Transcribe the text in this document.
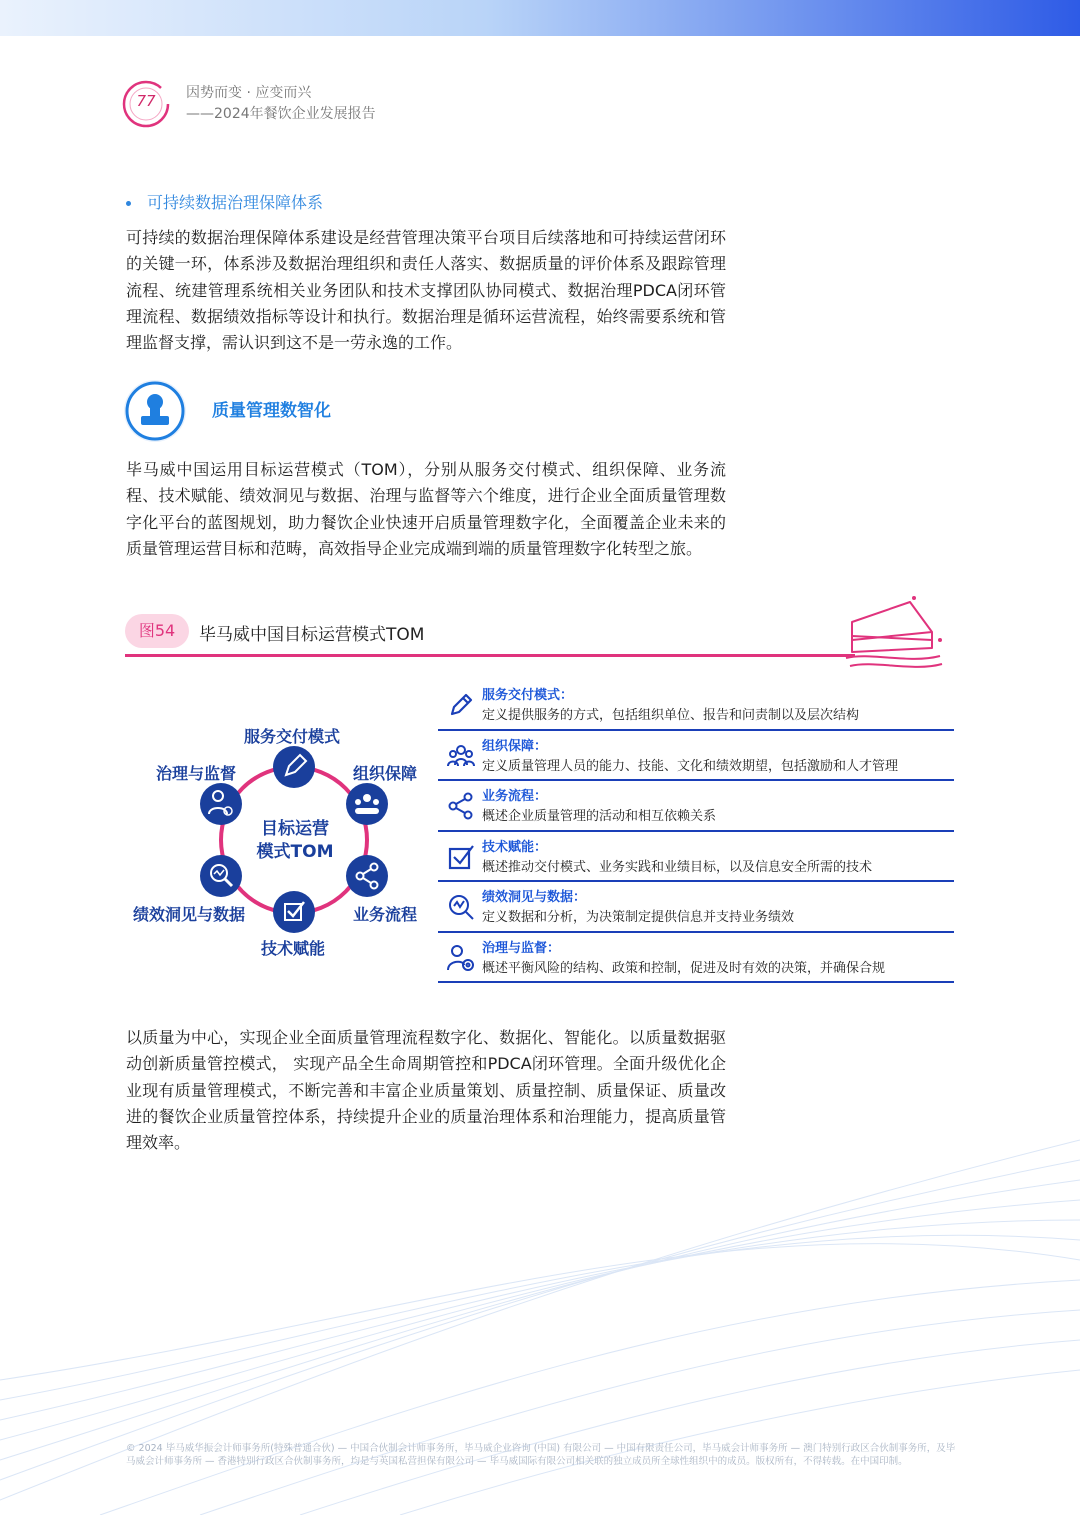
77	因势而变 · 应变而兴
——2024年餐饮企业发展报告
可持续数据治理保障体系
可持续的数据治理保障体系建设是经营管理决策平台项目后续落地和可持续运营闭环的关键一环，体系涉及数据治理组织和责任人落实、数据质量的评价体系及跟踪管理流程、统建管理系统相关业务团队和技术支撑团队协同模式、数据治理PDCA闭环管理流程、数据绩效指标等设计和执行。数据治理是循环运营流程，始终需要系统和管理监督支撑，需认识到这不是一劳永逸的工作。
质量管理数智化
毕马威中国运用目标运营模式（TOM），分别从服务交付模式、组织保障、业务流程、技术赋能、绩效洞见与数据、治理与监督等六个维度，进行企业全面质量管理数字化平台的蓝图规划，助力餐饮企业快速开启质量管理数字化，全面覆盖企业未来的质量管理运营目标和范畴，高效指导企业完成端到端的质量管理数字化转型之旅。
图54	毕马威中国目标运营模式TOM
服务交付模式
组织保障
业务流程
技术赋能
绩效洞见与数据
治理与监督
目标运营
模式TOM
服务交付模式：
定义提供服务的方式，包括组织单位、报告和问责制以及层次结构
组织保障：
定义质量管理人员的能力、技能、文化和绩效期望，包括激励和人才管理
业务流程：
概述企业质量管理的活动和相互依赖关系
技术赋能：
概述推动交付模式、业务实践和业绩目标，以及信息安全所需的技术
绩效洞见与数据：
定义数据和分析，为决策制定提供信息并支持业务绩效
治理与监督：
概述平衡风险的结构、政策和控制，促进及时有效的决策，并确保合规
以质量为中心，实现企业全面质量管理流程数字化、数据化、智能化。以质量数据驱动创新质量管控模式， 实现产品全生命周期管控和PDCA闭环管理。全面升级优化企业现有质量管理模式，不断完善和丰富企业质量策划、质量控制、质量保证、质量改进的餐饮企业质量管控体系，持续提升企业的质量治理体系和治理能力，提高质量管理效率。
© 2024 毕马威华振会计师事务所(特殊普通合伙) — 中国合伙制会计师事务所，毕马威企业咨询 (中国) 有限公司 — 中国有限责任公司，毕马威会计师事务所 — 澳门特别行政区合伙制事务所，及毕马威会计师事务所 — 香港特别行政区合伙制事务所，均是与英国私营担保有限公司 — 毕马威国际有限公司相关联的独立成员所全球性组织中的成员。版权所有，不得转载。在中国印制。
